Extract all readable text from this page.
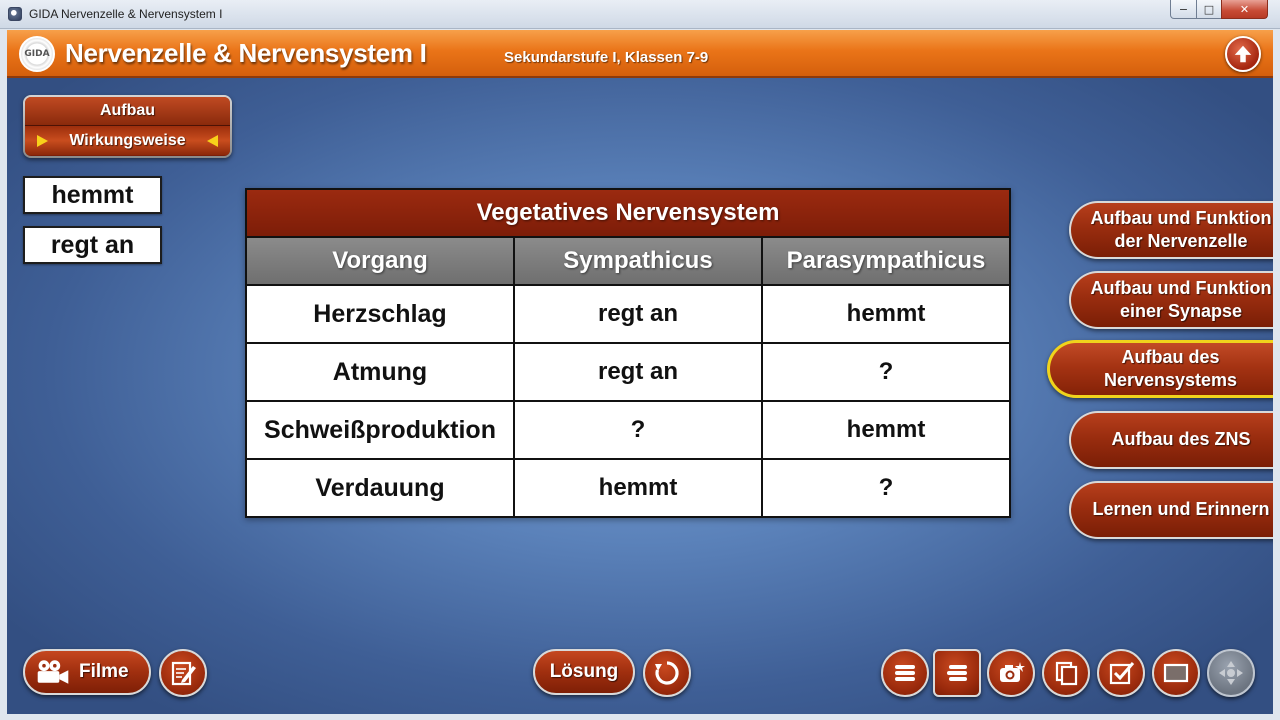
GIDA Nervenzelle & Nervensystem I	−	□	✕
GIDA Nervenzelle & Nervensystem I	Sekundarstufe I, Klassen 7-9
Aufbau
Wirkungsweise
hemmt
regt an
Vegetatives Nervensystem		
Vorgang	Sympathicus	Parasympathicus
Herzschlag	regt an	hemmt
Atmung	regt an	?
Schweißproduktion	?	hemmt
Verdauung	hemmt	?
Aufbau und Funktion der Nervenzelle
Aufbau und Funktion einer Synapse
Aufbau des Nervensystems
Aufbau des ZNS
Lernen und Erinnern
Filme	Lösung
